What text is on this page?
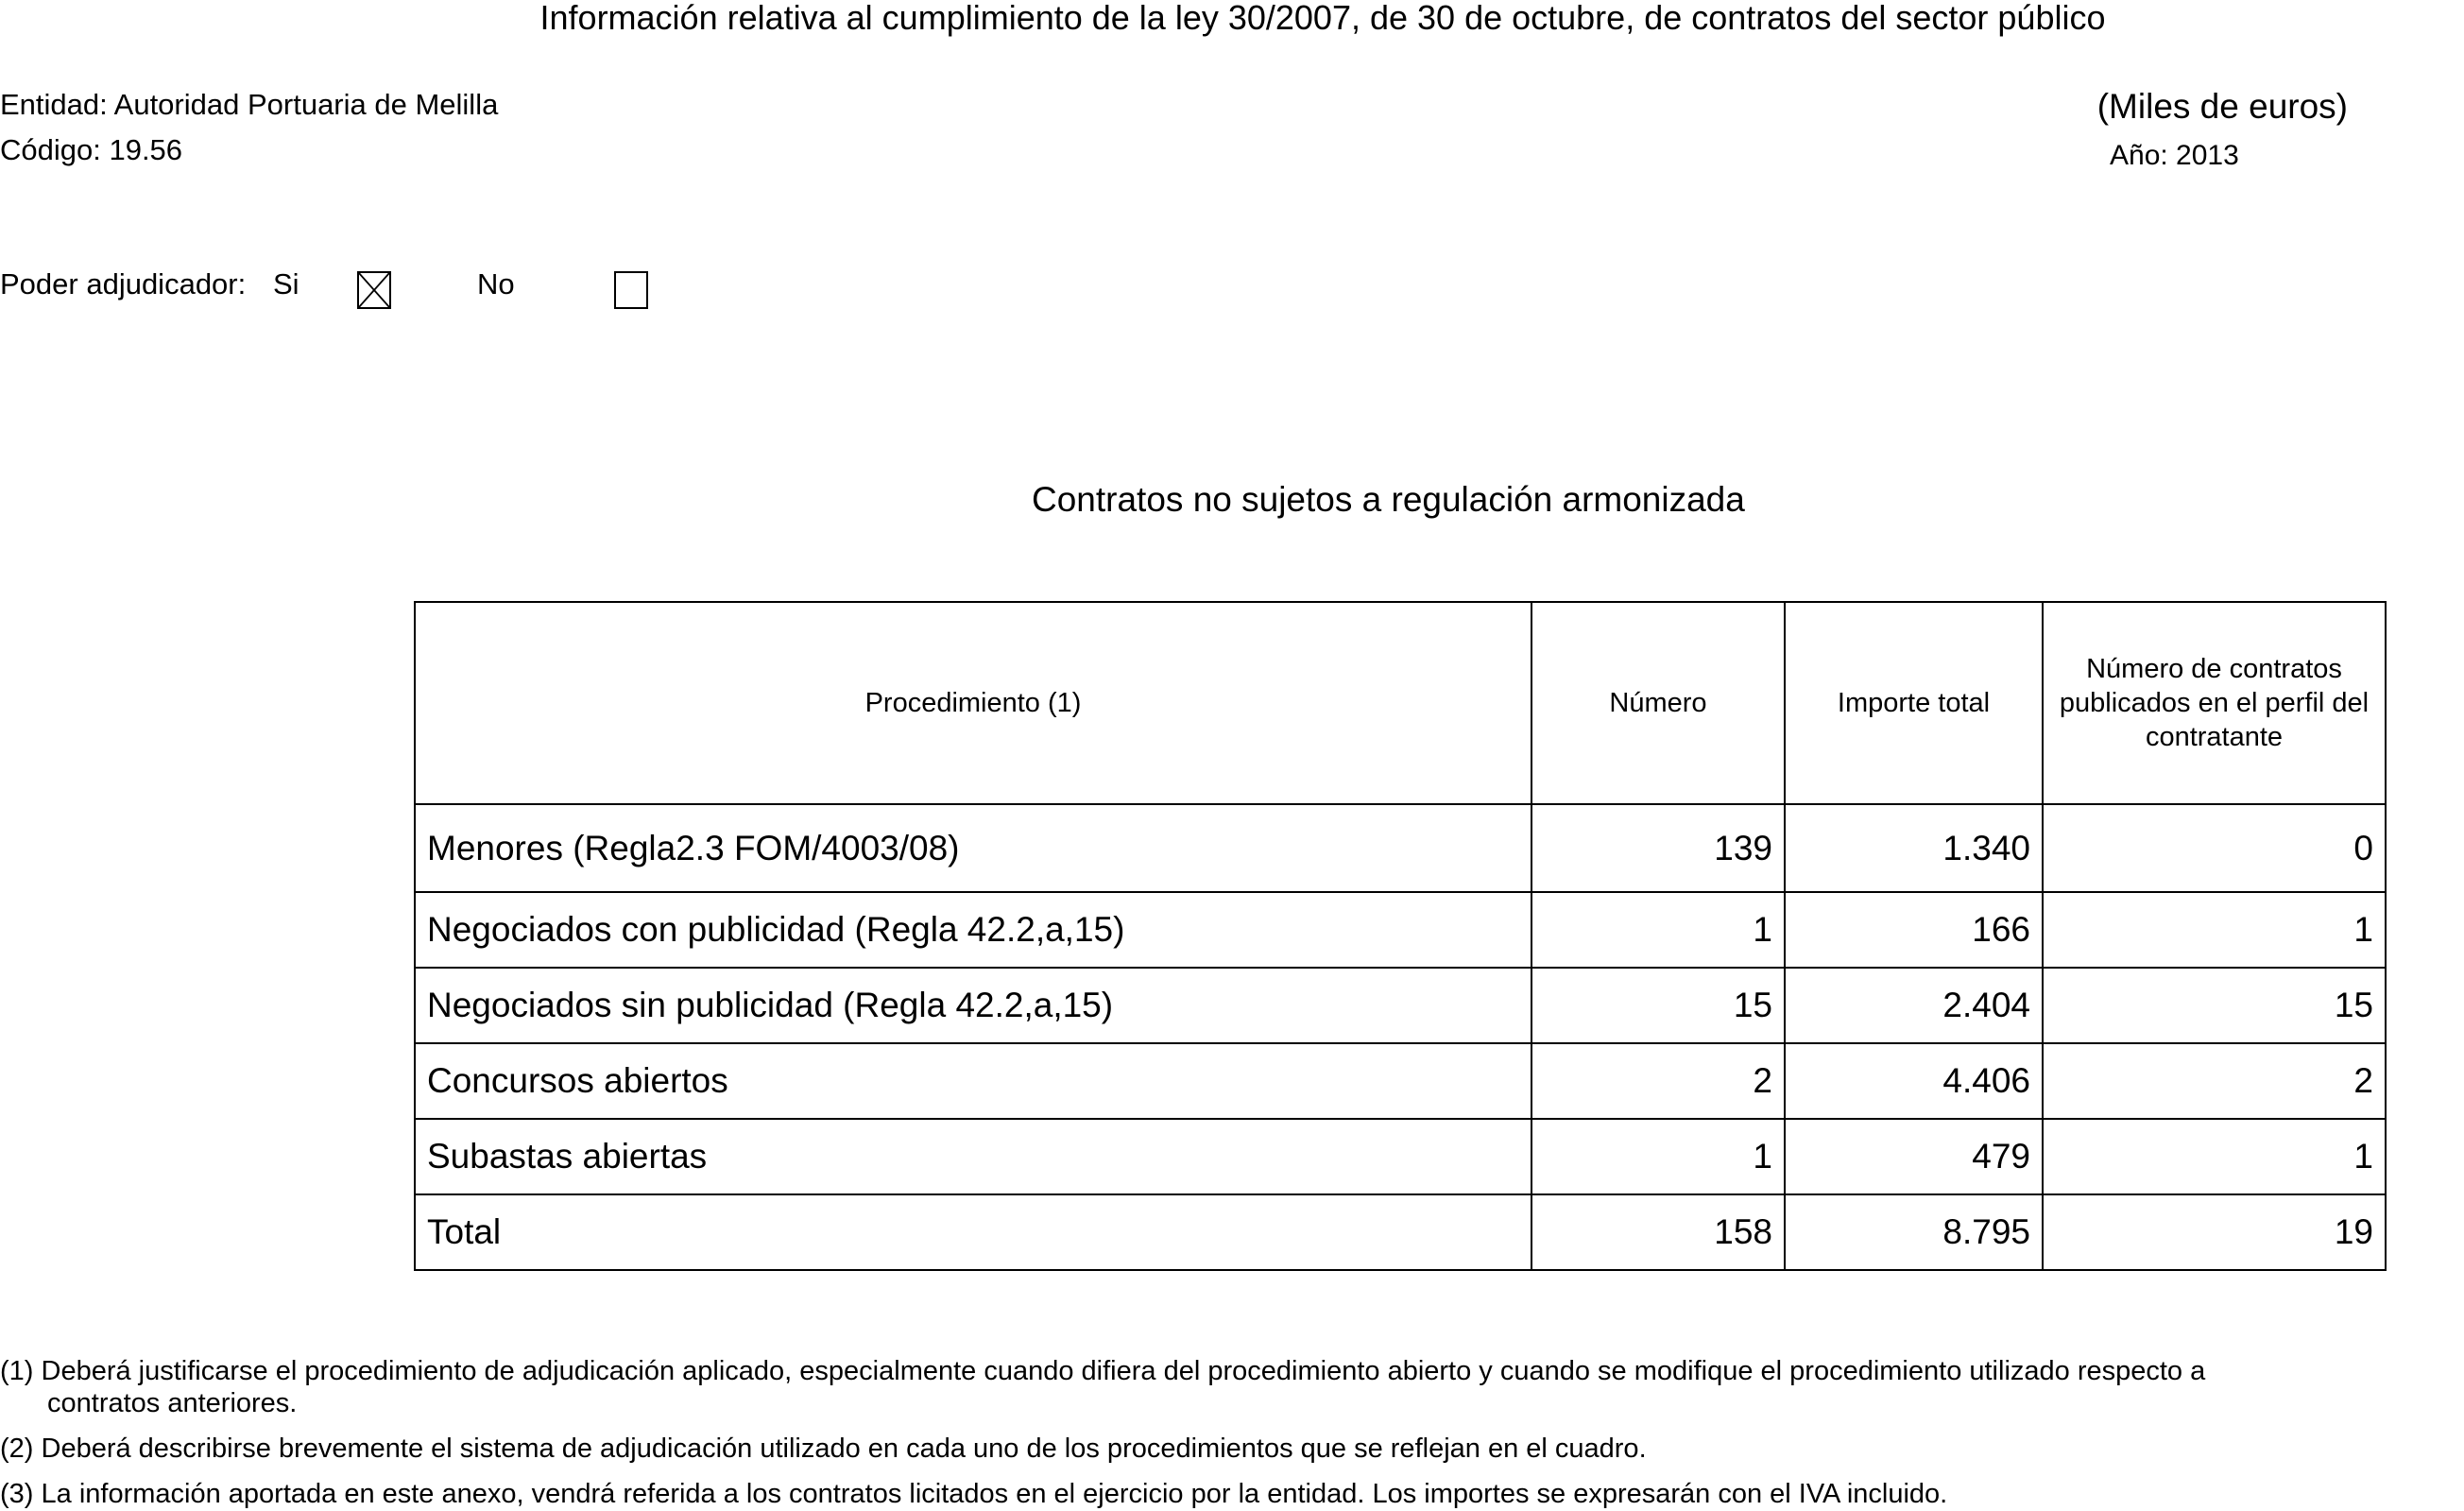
Información relativa al cumplimiento de la ley 30/2007, de 30 de octubre, de contratos del sector público
Entidad: Autoridad Portuaria de Melilla
Código: 19.56
(Miles de euros)
Año: 2013
Poder adjudicador: Si	No
Contratos no sujetos a regulación armonizada
Procedimiento (1)	Número	Importe total	Número de contratos publicados en el perfil del contratante
Menores (Regla2.3 FOM/4003/08)	139	1.340	0
Negociados con publicidad (Regla 42.2,a,15)	1	166	1
Negociados sin publicidad (Regla 42.2,a,15)	15	2.404	15
Concursos abiertos	2	4.406	2
Subastas abiertas	1	479	1
Total	158	8.795	19
(1) Deberá justificarse el procedimiento de adjudicación aplicado, especialmente cuando difiera del procedimiento abierto y cuando se modifique el procedimiento utilizado respecto a
contratos anteriores.
(2) Deberá describirse brevemente el sistema de adjudicación utilizado en cada uno de los procedimientos que se reflejan en el cuadro.
(3) La información aportada en este anexo, vendrá referida a los contratos licitados en el ejercicio por la entidad. Los importes se expresarán con el IVA incluido.
